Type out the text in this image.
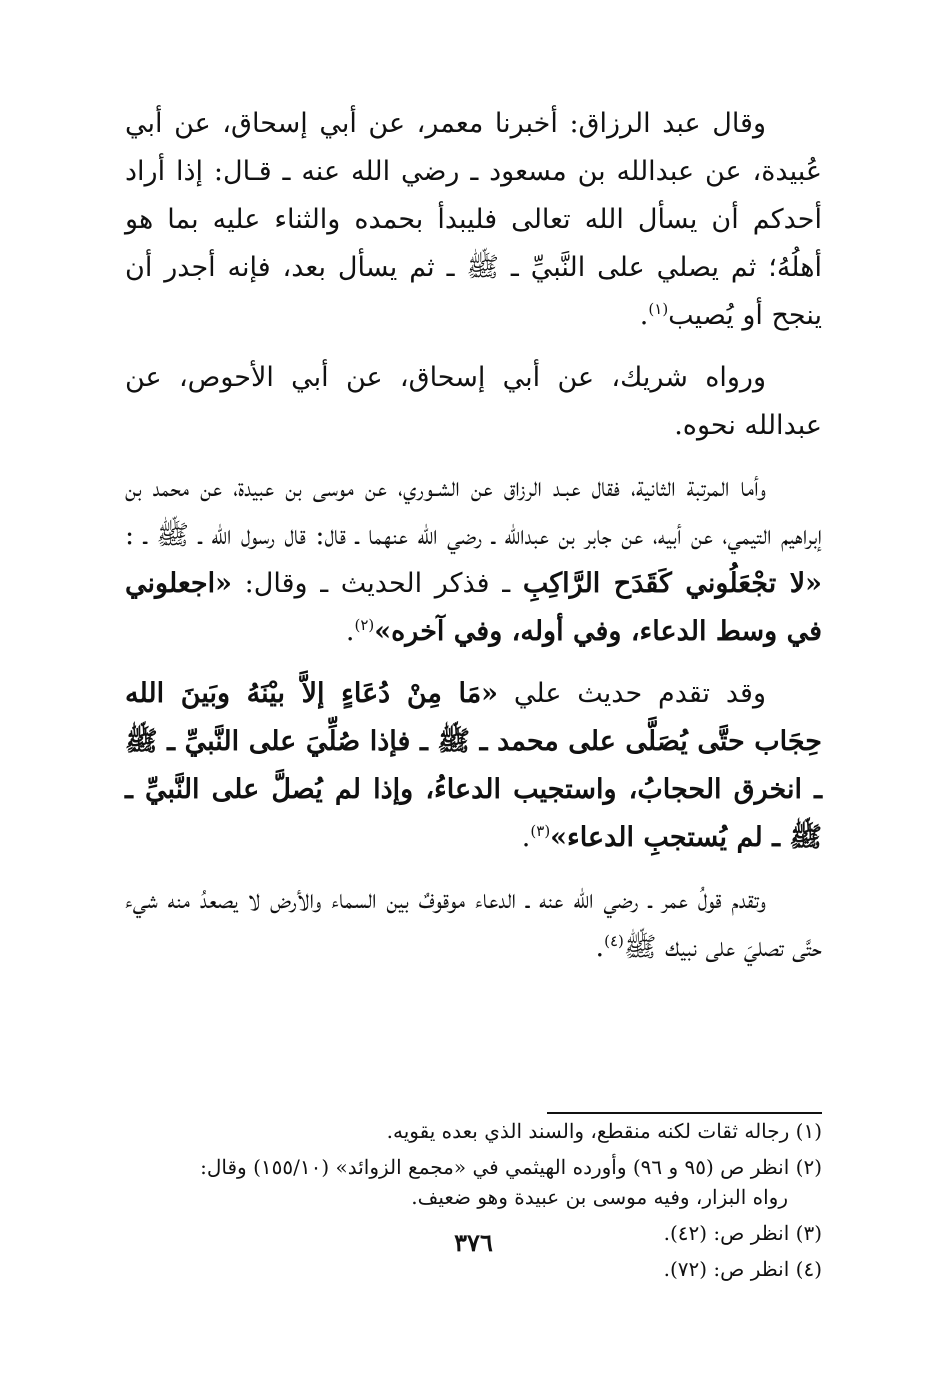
وقال عبد الرزاق: أخبرنا معمر، عن أبي إسحاق، عن أبي عُبيدة، عن عبدالله بن مسعود ـ رضي الله عنه ـ قـال: إذا أراد أحدكم أن يسأل الله تعالى فليبدأ بحمده والثناء عليه بما هو أهلُهُ؛ ثم يصلي على النَّبيِّ ـ ﷺ ـ ثم يسأل بعد، فإنه أجدر أن ينجح أو يُصيب$^{(١)}$.

ورواه شريك، عن أبي إسحاق، عن أبي الأحوص، عن عبدالله نحوه.

وأما المرتبة الثانية، فقال عبـد الرزاق عن الشـوري، عن موسى بن عبيدة، عن محمد بن إبراهيم التيمي، عن أبيه، عن جابر بن عبدالله ـ رضي الله عنهما ـ قال: قال رسول الله ـ ﷺ ـ : «لا تجْعَلُوني كَقَدَح الرَّاكِبِ ـ فذكر الحديث ـ وقال: «اجعلوني في وسط الدعاء، وفي أوله، وفي آخره»$^{(٢)}$.

وقد تقدم حديث علي «مَا مِنْ دُعَاءٍ إلاَّ بيْنَهُ وبَينَ الله حِجَاب حتَّى يُصَلَّى على محمد ـ ﷺ ـ فإذا صُلِّيَ على النَّبيِّ ـ ﷺ ـ انخرق الحجابُ، واستجيب الدعاءُ، وإذا لم يُصلَّ على النَّبيِّ ـ ﷺ ـ لم يُستجبِ الدعاء»$^{(٣)}$.

وتقدم قولُ عمر ـ رضي الله عنه ـ الدعاء موقوفٌ بين السماء والأرض لا يصعدُ منه شيء حتَّى تصليَ على نبيك ﷺ$^{(٤)}$.

(١) رجاله ثقات لكنه منقطع، والسند الذي بعده يقويه.

(٢) انظر ص (٩٥ و ٩٦) وأورده الهيثمي في «مجمع الزوائد» (١٥٥/١٠) وقال:
رواه البزار، وفيه موسى بن عبيدة وهو ضعيف.

(٣) انظر ص: (٤٢).

(٤) انظر ص: (٧٢).

٣٧٦
